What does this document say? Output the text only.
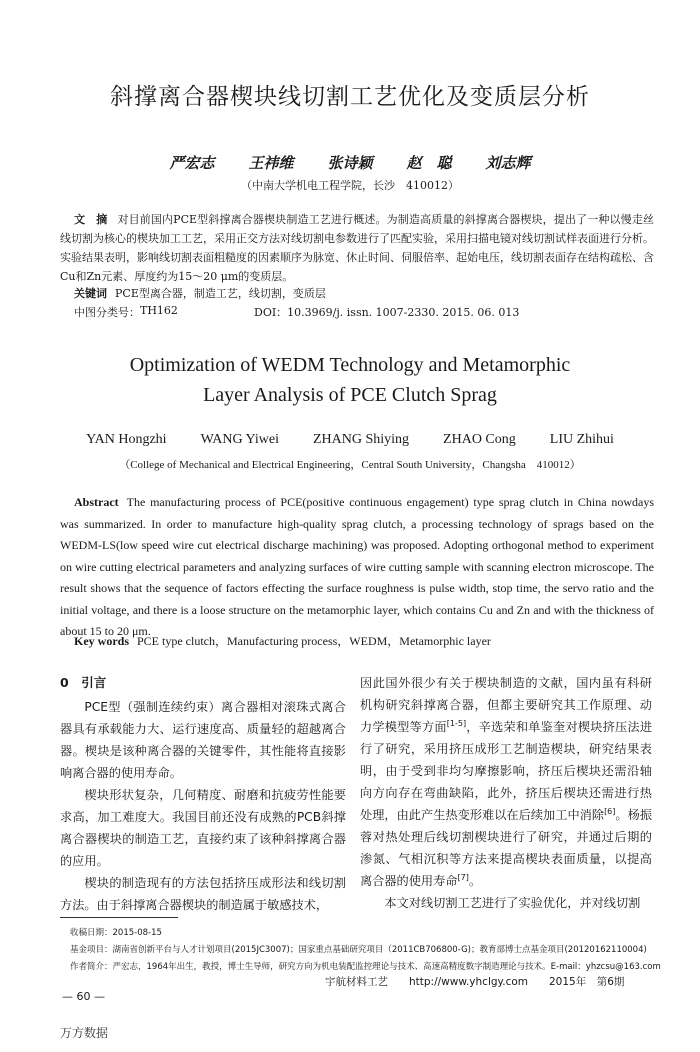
斜撑离合器楔块线切割工艺优化及变质层分析
严宏志 王祎维 张诗颖 赵　聪 刘志辉
（中南大学机电工程学院，长沙　410012）
文　摘 对目前国内PCE型斜撑离合器楔块制造工艺进行概述。为制造高质量的斜撑离合器楔块，提出了一种以慢走丝线切割为核心的楔块加工工艺，采用正交方法对线切割电参数进行了匹配实验，采用扫描电镜对线切割试样表面进行分析。实验结果表明，影响线切割表面粗糙度的因素顺序为脉宽、休止时间、伺服倍率、起始电压，线切割表面存在结构疏松、含Cu和Zn元素、厚度约为15～20 μm的变质层。
关键词 PCE型离合器，制造工艺，线切割，变质层
中图分类号： TH162	DOI：10.3969/j. issn. 1007-2330. 2015. 06. 013
Optimization of WEDM Technology and Metamorphic
Layer Analysis of PCE Clutch Sprag
YAN Hongzhi WANG Yiwei ZHANG Shiying ZHAO Cong LIU Zhihui
（College of Mechanical and Electrical Engineering，Central South University，Changsha　410012）
Abstract The manufacturing process of PCE(positive continuous engagement) type sprag clutch in China nowdays was summarized. In order to manufacture high-quality sprag clutch, a processing technology of sprags based on the WEDM-LS(low speed wire cut electrical discharge machining) was proposed. Adopting orthogonal method to experiment on wire cutting electrical parameters and analyzing surfaces of wire cutting sample with scanning electron microscope. The result shows that the sequence of factors effecting the surface roughness is pulse width, stop time, the servo ratio and the initial voltage, and there is a loose structure on the metamorphic layer, which contains Cu and Zn and with the thickness of about 15 to 20 μm.
Key words PCE type clutch，Manufacturing process，WEDM，Metamorphic layer
0　引言

PCE型（强制连续约束）离合器相对滚珠式离合器具有承载能力大、运行速度高、质量轻的超越离合器。楔块是该种离合器的关键零件，其性能将直接影响离合器的使用寿命。

楔块形状复杂，几何精度、耐磨和抗疲劳性能要求高，加工难度大。我国目前还没有成熟的PCB斜撑离合器楔块的制造工艺，直接约束了该种斜撑离合器的应用。

楔块的制造现有的方法包括挤压成形法和线切割方法。由于斜撑离合器楔块的制造属于敏感技术，

因此国外很少有关于楔块制造的文献，国内虽有科研机构研究斜撑离合器，但都主要研究其工作原理、动力学模型等方面[1-5]，辛选荣和单鉴奎对楔块挤压法进行了研究，采用挤压成形工艺制造楔块，研究结果表明，由于受到非均匀摩擦影响，挤压后楔块还需沿轴向方向存在弯曲缺陷，此外，挤压后楔块还需进行热处理，由此产生热变形难以在后续加工中消除[6]。杨振蓉对热处理后线切割楔块进行了研究，并通过后期的渗氮、气相沉积等方法来提高楔块表面质量，以提高离合器的使用寿命[7]。

本文对线切割工艺进行了实验优化，并对线切割

收稿日期：2015-08-15
基金项目：湖南省创新平台与人才计划项目(2015JC3007)；国家重点基础研究项目（2011CB706800-G)；教育部博士点基金项目(20120162110004)
作者简介：严宏志，1964年出生，教授，博士生导师，研究方向为机电装配监控理论与技术、高速高精度数字制造理论与技术。E-mail：yhzcsu@163.com
宇航材料工艺　　http://www.yhclgy.com　　2015年　第6期
— 60 —
万方数据
